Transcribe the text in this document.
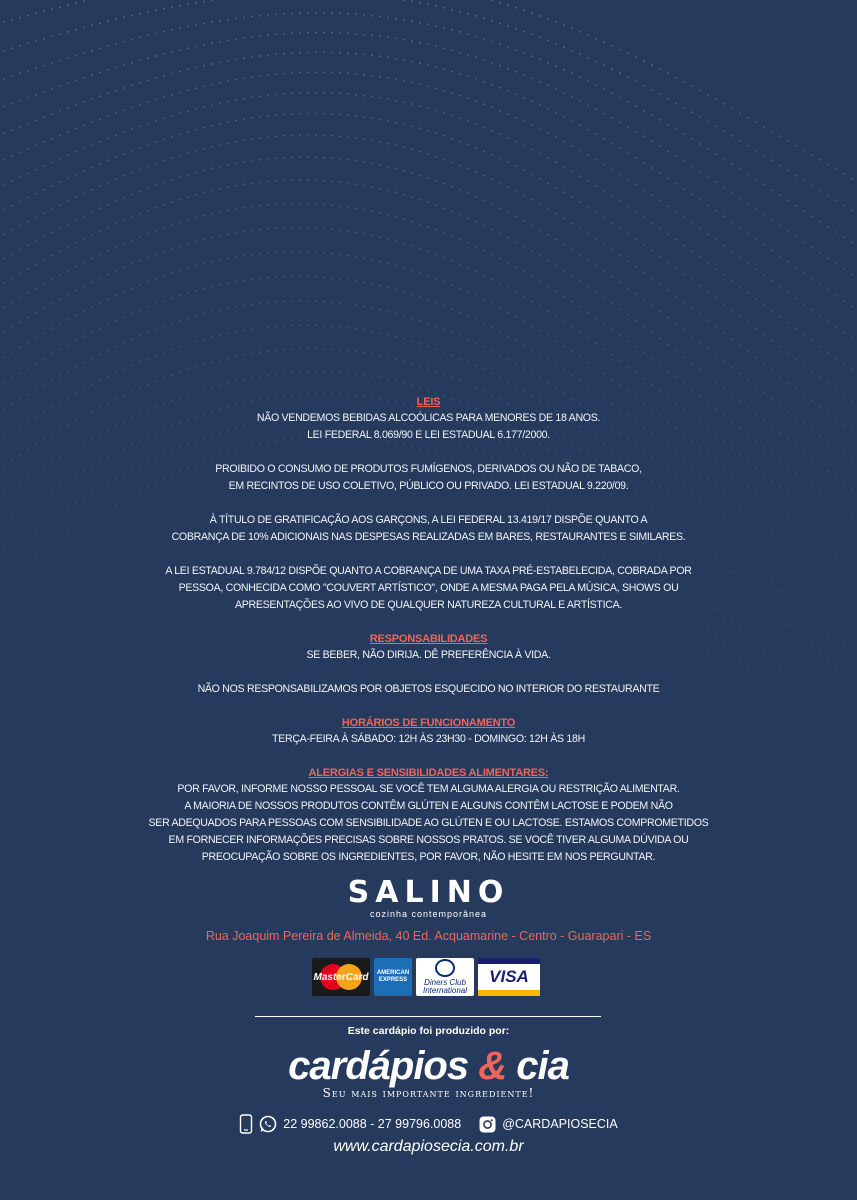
LEIS
NÃO VENDEMOS BEBIDAS ALCOÓLICAS PARA MENORES DE 18 ANOS.
LEI FEDERAL 8.069/90 E LEI ESTADUAL 6.177/2000.
PROIBIDO O CONSUMO DE PRODUTOS FUMÍGENOS, DERIVADOS OU NÃO DE TABACO,
EM RECINTOS DE USO COLETIVO, PÚBLICO OU PRIVADO. LEI ESTADUAL 9.220/09.
À TÍTULO DE GRATIFICAÇÃO AOS GARÇONS, A LEI FEDERAL 13.419/17 DISPÕE QUANTO A
COBRANÇA DE 10% ADICIONAIS NAS DESPESAS REALIZADAS EM BARES, RESTAURANTES E SIMILARES.
A LEI ESTADUAL 9.784/12 DISPÕE QUANTO A COBRANÇA DE UMA TAXA PRÉ-ESTABELECIDA, COBRADA POR
PESSOA, CONHECIDA COMO "COUVERT ARTÍSTICO", ONDE A MESMA PAGA PELA MÚSICA, SHOWS OU
APRESENTAÇÕES AO VIVO DE QUALQUER NATUREZA CULTURAL E ARTÍSTICA.
RESPONSABILIDADES
SE BEBER, NÃO DIRIJA. DÊ PREFERÊNCIA À VIDA.
NÃO NOS RESPONSABILIZAMOS POR OBJETOS ESQUECIDO NO INTERIOR DO RESTAURANTE
HORÁRIOS DE FUNCIONAMENTO
TERÇA-FEIRA À SÁBADO: 12H ÀS 23H30 - DOMINGO: 12H ÀS 18H
ALERGIAS E SENSIBILIDADES ALIMENTARES:
POR FAVOR, INFORME NOSSO PESSOAL SE VOCÊ TEM ALGUMA ALERGIA OU RESTRIÇÃO ALIMENTAR.
A MAIORIA DE NOSSOS PRODUTOS CONTÊM GLÚTEN E ALGUNS CONTÊM LACTOSE E PODEM NÃO
SER ADEQUADOS PARA PESSOAS COM SENSIBILIDADE AO GLÚTEN E OU LACTOSE. ESTAMOS COMPROMETIDOS
EM FORNECER INFORMAÇÕES PRECISAS SOBRE NOSSOS PRATOS. SE VOCÊ TIVER ALGUMA DÚVIDA OU
PREOCUPAÇÃO SOBRE OS INGREDIENTES, POR FAVOR, NÃO HESITE EM NOS PERGUNTAR.
SALINO
cozinha contemporânea
Rua Joaquim Pereira de Almeida, 40 Ed. Acquamarine - Centro - Guarapari - ES
MasterCard	AMERICAN EXPRESS	Diners Club International
VISA
Este cardápio foi produzido por:
cardápios & cia
Seu mais importante ingrediente!
22 99862.0088 - 27 99796.0088	@CARDAPIOSECIA
www.cardapiosecia.com.br
